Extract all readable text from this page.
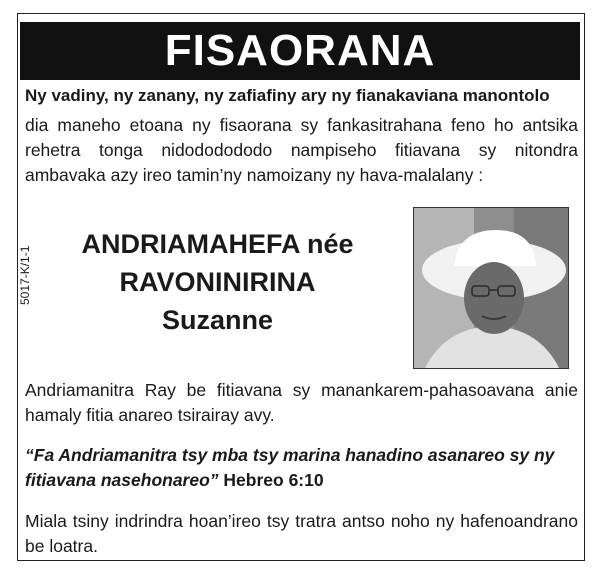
FISAORANA
Ny vadiny, ny zanany, ny zafiafiny ary ny fianakaviana manontolo
dia maneho etoana ny fisaorana sy fankasitrahana feno ho antsika rehetra tonga nidododododo nampiseho fitiavana sy nitondra ambavaka azy ireo tamin’ny namoizany ny hava-malalany :
ANDRIAMAHEFA née
RAVONINIRINA
Suzanne
5017-K/1-1
Andriamanitra Ray be fitiavana sy manankarem-pahasoavana anie hamaly fitia anareo tsirairay avy.
“Fa Andriamanitra tsy mba tsy marina hanadino asanareo sy ny fitiavana nasehonareo” Hebreo 6:10
Miala tsiny indrindra hoan’ireo tsy tratra antso noho ny hafenoandrano be loatra.
